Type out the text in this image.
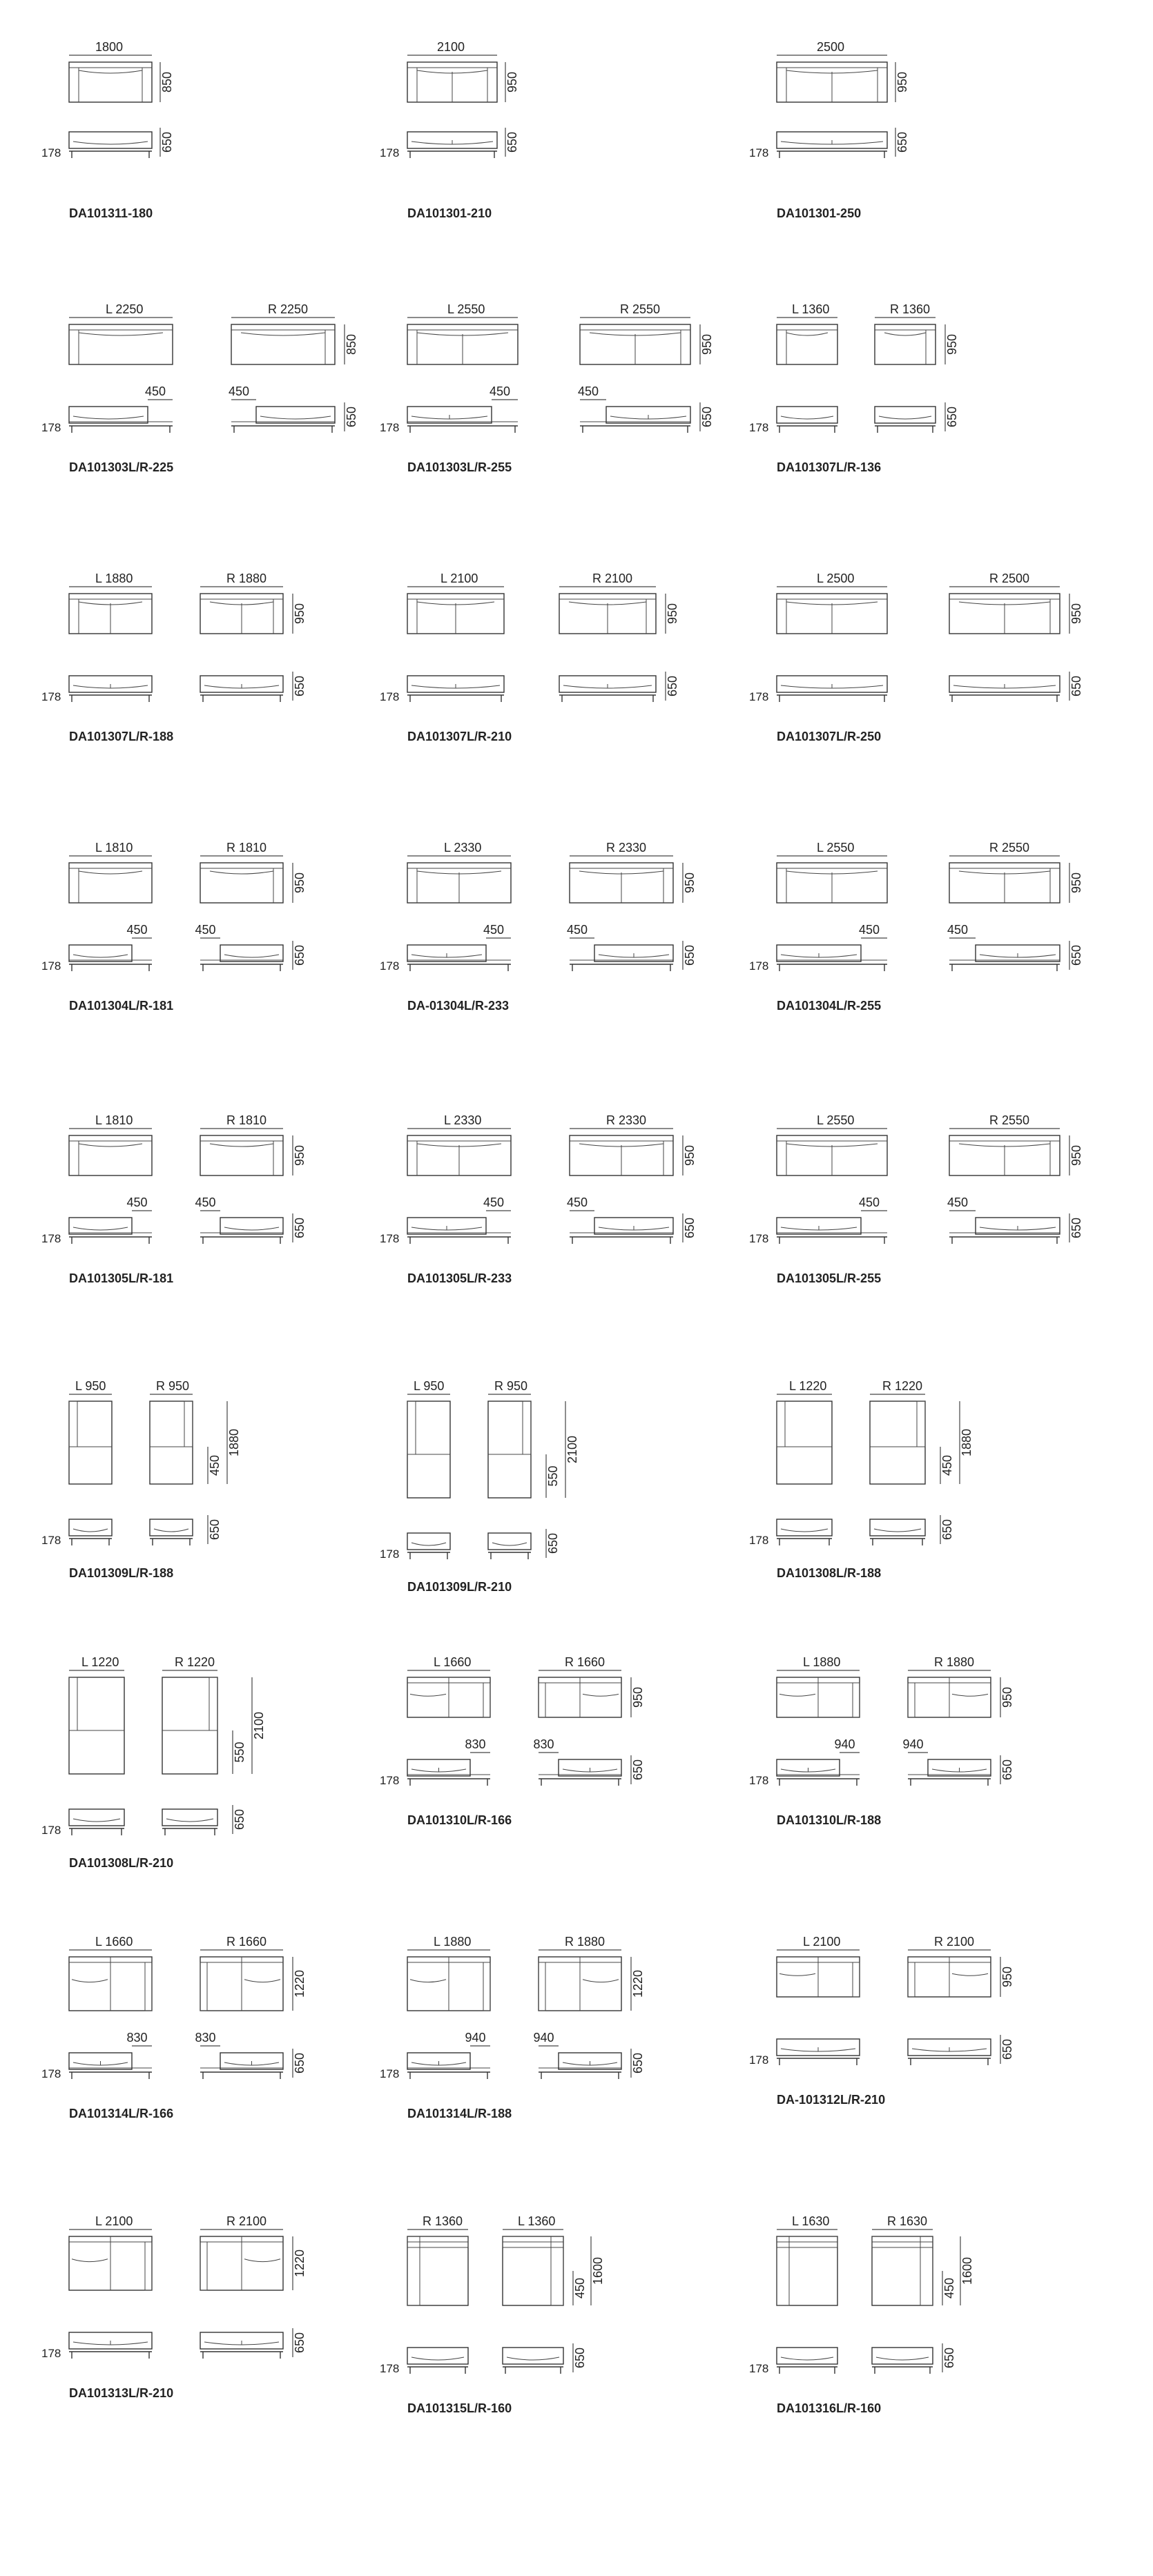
1800
850
650
178
DA101311-180
2100
950
650
178
DA101301-210
2500
950
650
178
DA101301-250
L 2250	R 2250
850
450	450
650
178
DA101303L/R-225
L 2550	R 2550
950
450	450
650
178
DA101303L/R-255
L 1360	R 1360
950
650
178
DA101307L/R-136
L 1880	R 1880
950
650
178
DA101307L/R-188
L 2100	R 2100
950
650
178
DA101307L/R-210
L 2500	R 2500
950
650
178
DA101307L/R-250
L 1810	R 1810
950
450	450
650
178
DA101304L/R-181
L 2330	R 2330
950
450	450
650
178
DA-01304L/R-233
L 2550	R 2550
950
450	450
650
178
DA101304L/R-255
L 1810	R 1810
950
450	450
650
178
DA101305L/R-181
L 2330	R 2330
950
450	450
650
178
DA101305L/R-233
L 2550	R 2550
950
450	450
650
178
DA101305L/R-255
L 950	R 950
1880
450
650
178
DA101309L/R-188
L 950	R 950
2100
550
650
178
DA101309L/R-210
L 1220	R 1220
1880
450
650
178
DA101308L/R-188
L 1220	R 1220
2100
550
650
178
DA101308L/R-210
L 1660	R 1660
950
830	830
650
178
DA101310L/R-166
L 1880	R 1880
950
940	940
650
178
DA101310L/R-188
L 1660	R 1660
1220
830	830
650
178
DA101314L/R-166
L 1880	R 1880
1220
940	940
650
178
DA101314L/R-188
L 2100	R 2100
950
650
178
DA-101312L/R-210
L 2100	R 2100
1220
650
178
DA101313L/R-210
R 1360	L 1360
1600
450
650
178
DA101315L/R-160
L 1630	R 1630
1600
450
650
178
DA101316L/R-160
